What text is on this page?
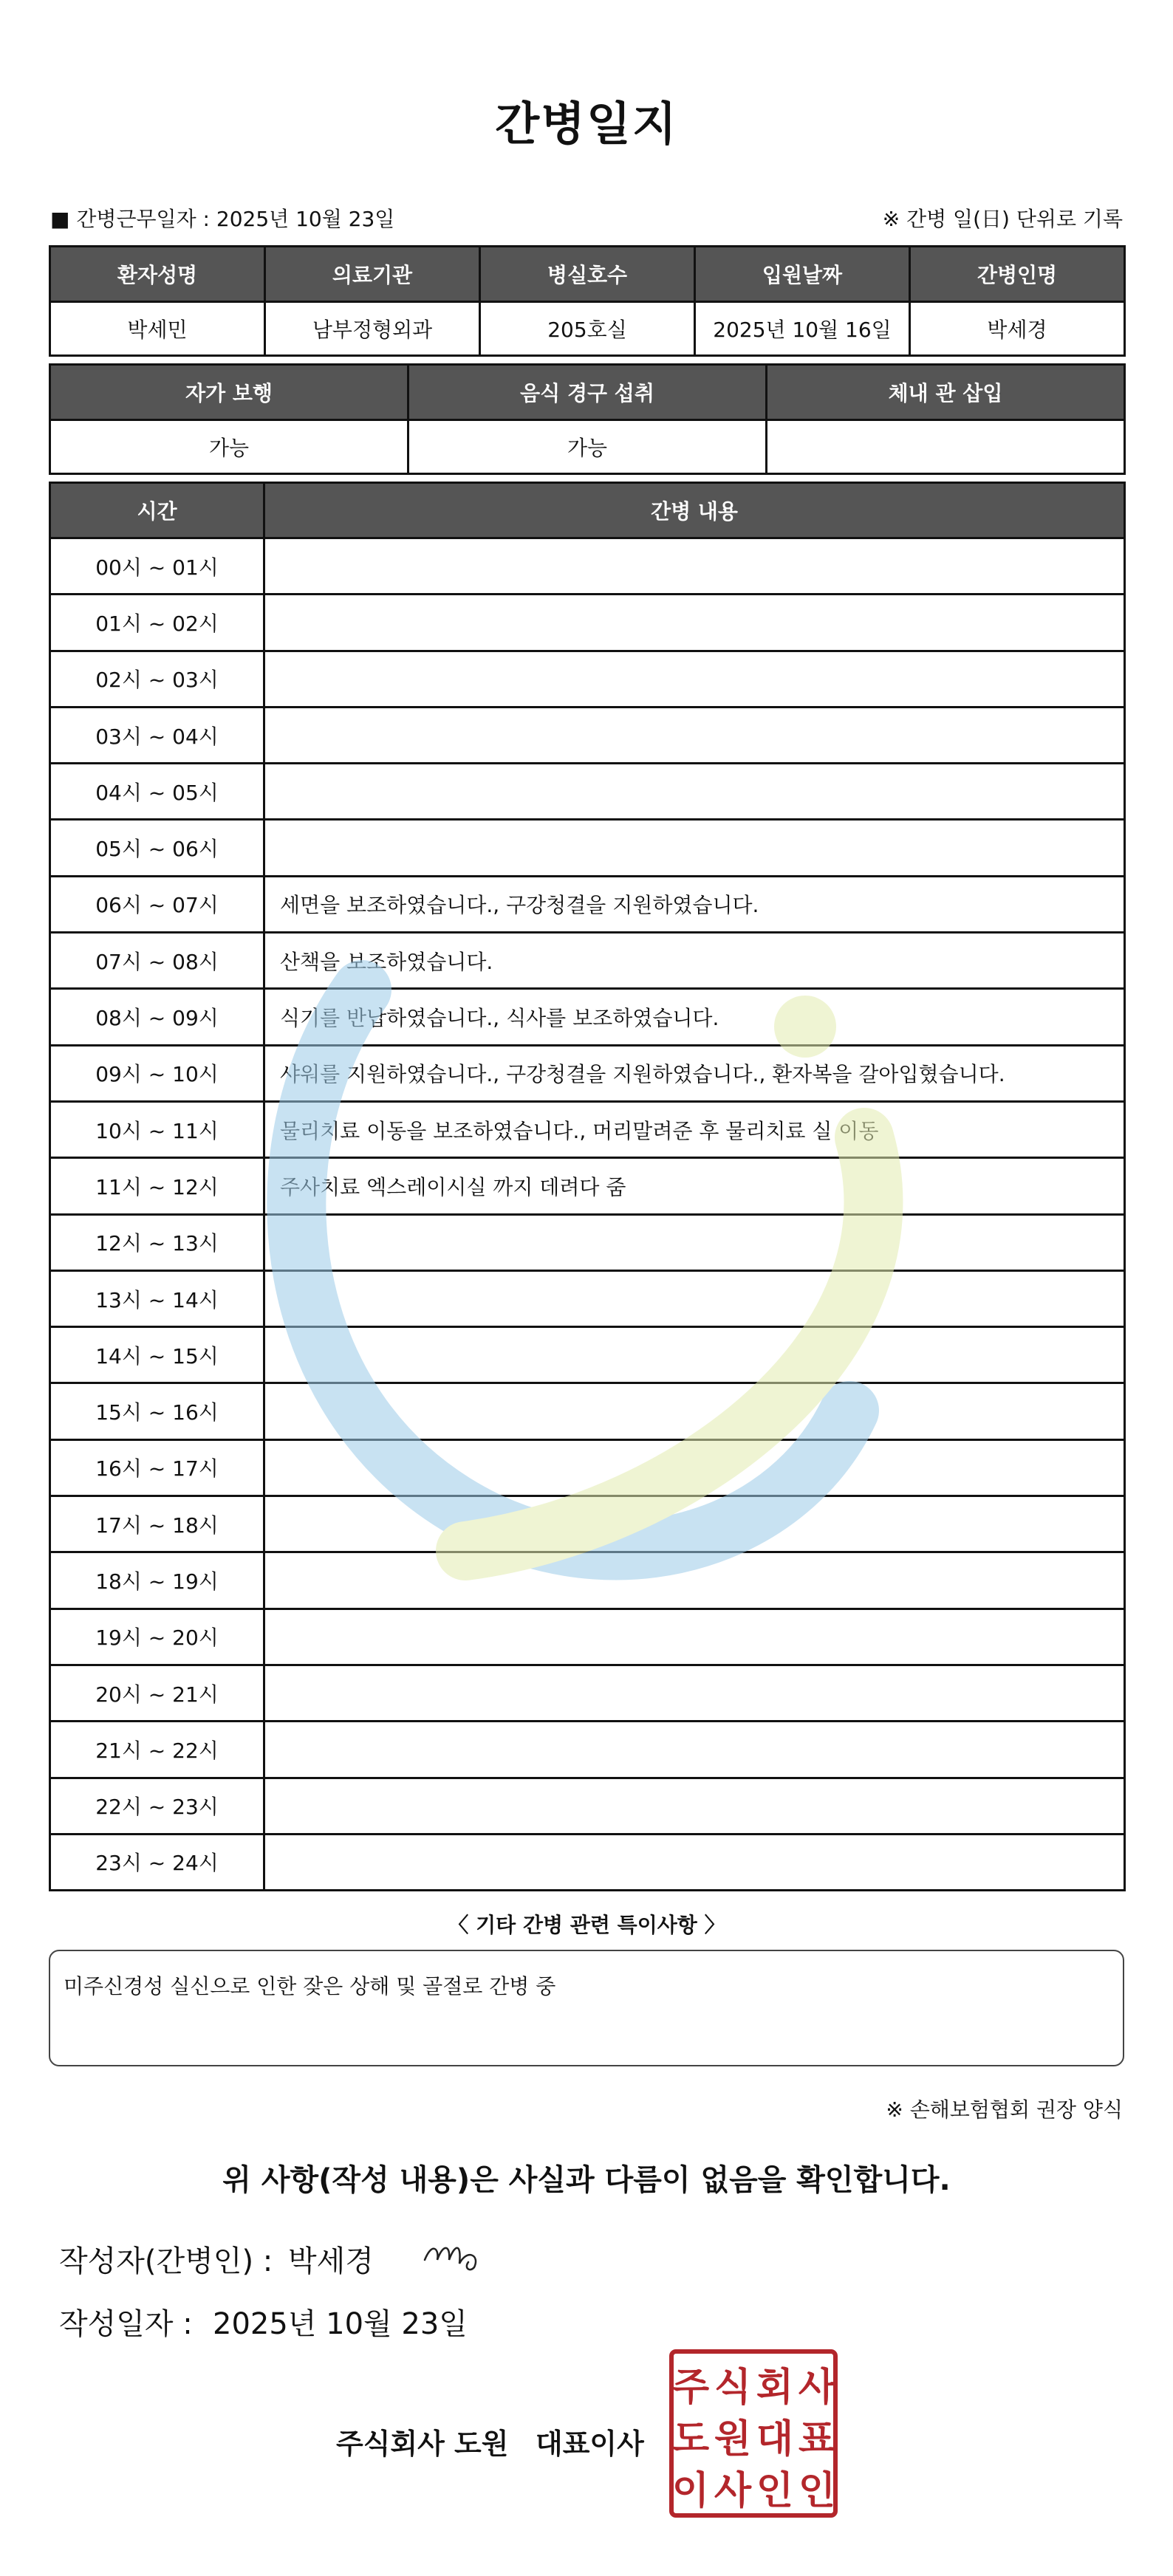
간병일지
■ 간병근무일자 : 2025년 10월 23일	※ 간병 일(日) 단위로 기록
환자성명	의료기관	병실호수	입원날짜	간병인명
박세민	남부정형외과	205호실	2025년 10월 16일	박세경
자가 보행	음식 경구 섭취	체내 관 삽입
가능	가능	
시간	간병 내용
00시 ~ 01시	
01시 ~ 02시	
02시 ~ 03시	
03시 ~ 04시	
04시 ~ 05시	
05시 ~ 06시	
06시 ~ 07시	세면을 보조하였습니다., 구강청결을 지원하였습니다.
07시 ~ 08시	산책을 보조하였습니다.
08시 ~ 09시	식기를 반납하였습니다., 식사를 보조하였습니다.
09시 ~ 10시	샤워를 지원하였습니다., 구강청결을 지원하였습니다., 환자복을 갈아입혔습니다.
10시 ~ 11시	물리치료 이동을 보조하였습니다., 머리말려준 후 물리치료 실 이동
11시 ~ 12시	주사치료 엑스레이시실 까지 데려다 줌
12시 ~ 13시	
13시 ~ 14시	
14시 ~ 15시	
15시 ~ 16시	
16시 ~ 17시	
17시 ~ 18시	
18시 ~ 19시	
19시 ~ 20시	
20시 ~ 21시	
21시 ~ 22시	
22시 ~ 23시	
23시 ~ 24시	
〈 기타 간병 관련 특이사항 〉
미주신경성 실신으로 인한 잦은 상해 및 골절로 간병 중
※ 손해보험협회 권장 양식
위 사항(작성 내용)은 사실과 다름이 없음을 확인합니다.
작성자(간병인) : 박세경
작성일자 : 2025년 10월 23일
주식회사 도원 대표이사
주 식 회 사
도 원 대 표
이 사 인 인
